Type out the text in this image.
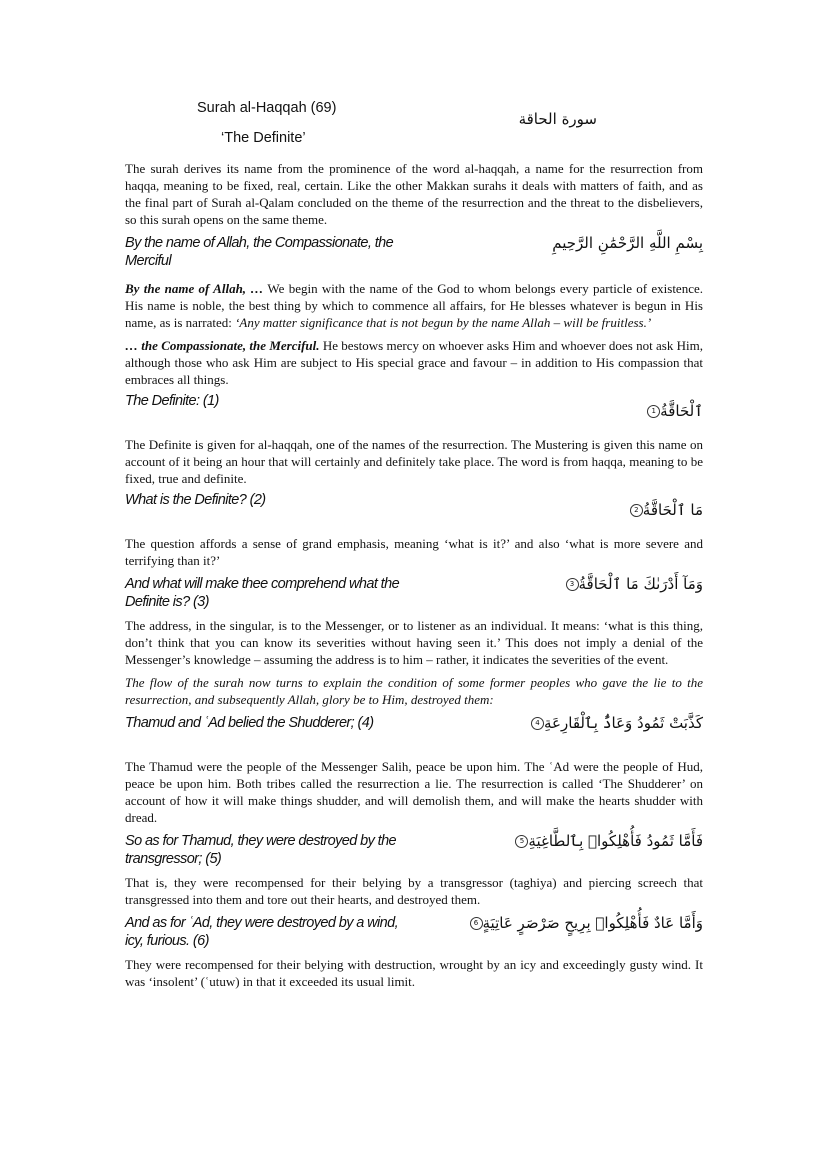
Surah al-Haqqah (69)
‘The Definite’
سورة الحاقة

The surah derives its name from the prominence of the word al-haqqah, a name for the resurrection from haqqa, meaning to be fixed, real, certain. Like the other Makkan surahs it deals with matters of faith, and as the final part of Surah al-Qalam concluded on the theme of the resurrection and the threat to the disbelievers, so this surah opens on the same theme.

By the name of Allah, the Compassionate, the Merciful
بِسْمِ اللَّهِ الرَّحْمَٰنِ الرَّحِيمِ

By the name of Allah, … We begin with the name of the God to whom belongs every particle of existence. His name is noble, the best thing by which to commence all affairs, for He blesses whatever is begun in His name, as is narrated: ‘Any matter significance that is not begun by the name Allah – will be fruitless.’

… the Compassionate, the Merciful. He bestows mercy on whoever asks Him and whoever does not ask Him, although those who ask Him are subject to His special grace and favour – in addition to His compassion that embraces all things.

The Definite: (1)
ٱلْحَاقَّةُ1

The Definite is given for al-haqqah, one of the names of the resurrection. The Mustering is given this name on account of it being an hour that will certainly and definitely take place. The word is from haqqa, meaning to be fixed, true and definite.

What is the Definite? (2)
مَا ٱلْحَاقَّةُ2

The question affords a sense of grand emphasis, meaning ‘what is it?’ and also ‘what is more severe and terrifying than it?’

And what will make thee comprehend what the Definite is? (3)
وَمَآ أَدْرَىٰكَ مَا ٱلْحَاقَّةُ3

The address, in the singular, is to the Messenger, or to listener as an individual. It means: ‘what is this thing, don’t think that you can know its severities without having seen it.’ This does not imply a denial of the Messenger’s knowledge – assuming the address is to him – rather, it indicates the severities of the event.

The flow of the surah now turns to explain the condition of some former peoples who gave the lie to the resurrection, and subsequently Allah, glory be to Him, destroyed them:

Thamud and ʿAd belied the Shudderer; (4)	كَذَّبَتْ ثَمُودُ وَعَادٌۢ بِٱلْقَارِعَةِ4

The Thamud were the people of the Messenger Salih, peace be upon him. The ʿAd were the people of Hud, peace be upon him. Both tribes called the resurrection a lie. The resurrection is called ‘The Shudderer’ on account of how it will make things shudder, and will demolish them, and will make the hearts shudder with dread.

So as for Thamud, they were destroyed by the transgressor; (5)
فَأَمَّا ثَمُودُ فَأُهْلِكُوا۟ بِٱلطَّاغِيَةِ5

That is, they were recompensed for their belying by a transgressor (taghiya) and piercing screech that transgressed into them and tore out their hearts, and destroyed them.

And as for ʿAd, they were destroyed by a wind, icy, furious. (6)
وَأَمَّا عَادٌ فَأُهْلِكُوا۟ بِرِيحٍ صَرْصَرٍ عَاتِيَةٍ6

They were recompensed for their belying with destruction, wrought by an icy and exceedingly gusty wind. It was ‘insolent’ (ʿutuw) in that it exceeded its usual limit.
